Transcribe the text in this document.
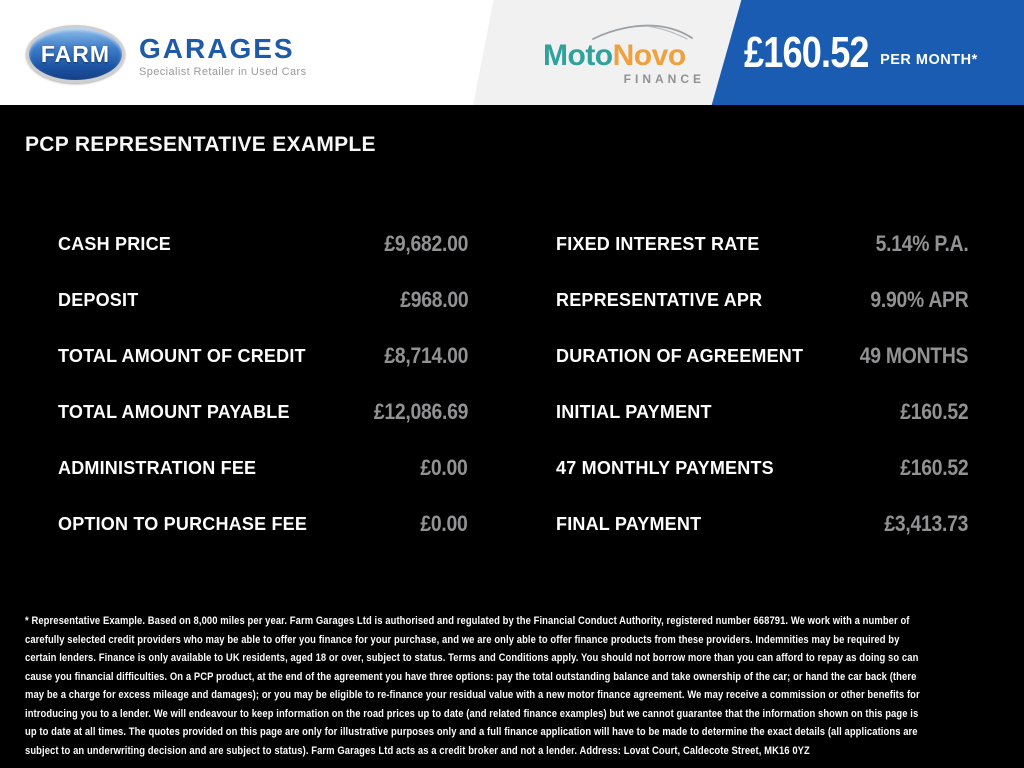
FARM GARAGES
Specialist Retailer in Used Cars	MotoNovo
FINANCE
£160.52 PER MONTH*
PCP REPRESENTATIVE EXAMPLE
CASH PRICE	£9,682.00
DEPOSIT	£968.00
TOTAL AMOUNT OF CREDIT	£8,714.00
TOTAL AMOUNT PAYABLE	£12,086.69
ADMINISTRATION FEE	£0.00
OPTION TO PURCHASE FEE	£0.00
FIXED INTEREST RATE	5.14% P.A.
REPRESENTATIVE APR	9.90% APR
DURATION OF AGREEMENT	49 MONTHS
INITIAL PAYMENT	£160.52
47 MONTHLY PAYMENTS	£160.52
FINAL PAYMENT	£3,413.73

* Representative Example. Based on 8,000 miles per year. Farm Garages Ltd is authorised and regulated by the Financial Conduct Authority, registered number 668791. We work with a number of carefully selected credit providers who may be able to offer you finance for your purchase, and we are only able to offer finance products from these providers. Indemnities may be required by certain lenders. Finance is only available to UK residents, aged 18 or over, subject to status. Terms and Conditions apply. You should not borrow more than you can afford to repay as doing so can cause you financial difficulties. On a PCP product, at the end of the agreement you have three options: pay the total outstanding balance and take ownership of the car; or hand the car back (there may be a charge for excess mileage and damages); or you may be eligible to re-finance your residual value with a new motor finance agreement. We may receive a commission or other benefits for introducing you to a lender. We will endeavour to keep information on the road prices up to date (and related finance examples) but we cannot guarantee that the information shown on this page is up to date at all times. The quotes provided on this page are only for illustrative purposes only and a full finance application will have to be made to determine the exact details (all applications are subject to an underwriting decision and are subject to status). Farm Garages Ltd acts as a credit broker and not a lender. Address: Lovat Court, Caldecote Street, MK16 0YZ
